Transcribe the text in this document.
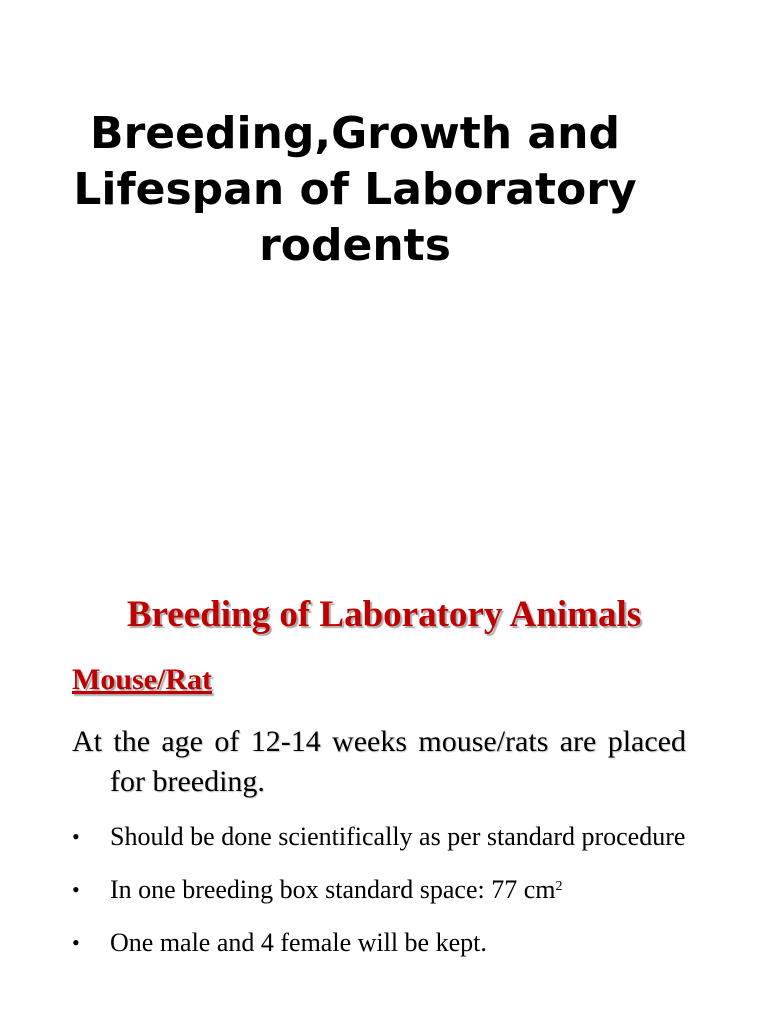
Breeding,Growth and
Lifespan of Laboratory
rodents
Breeding of Laboratory Animals
Mouse/Rat

At the age of 12-14 weeks mouse/rats are placed for breeding.

•	Should be done scientifically as per standard procedure
•	In one breeding box standard space: 77 $cm^2$
•	One male and 4 female will be kept.
